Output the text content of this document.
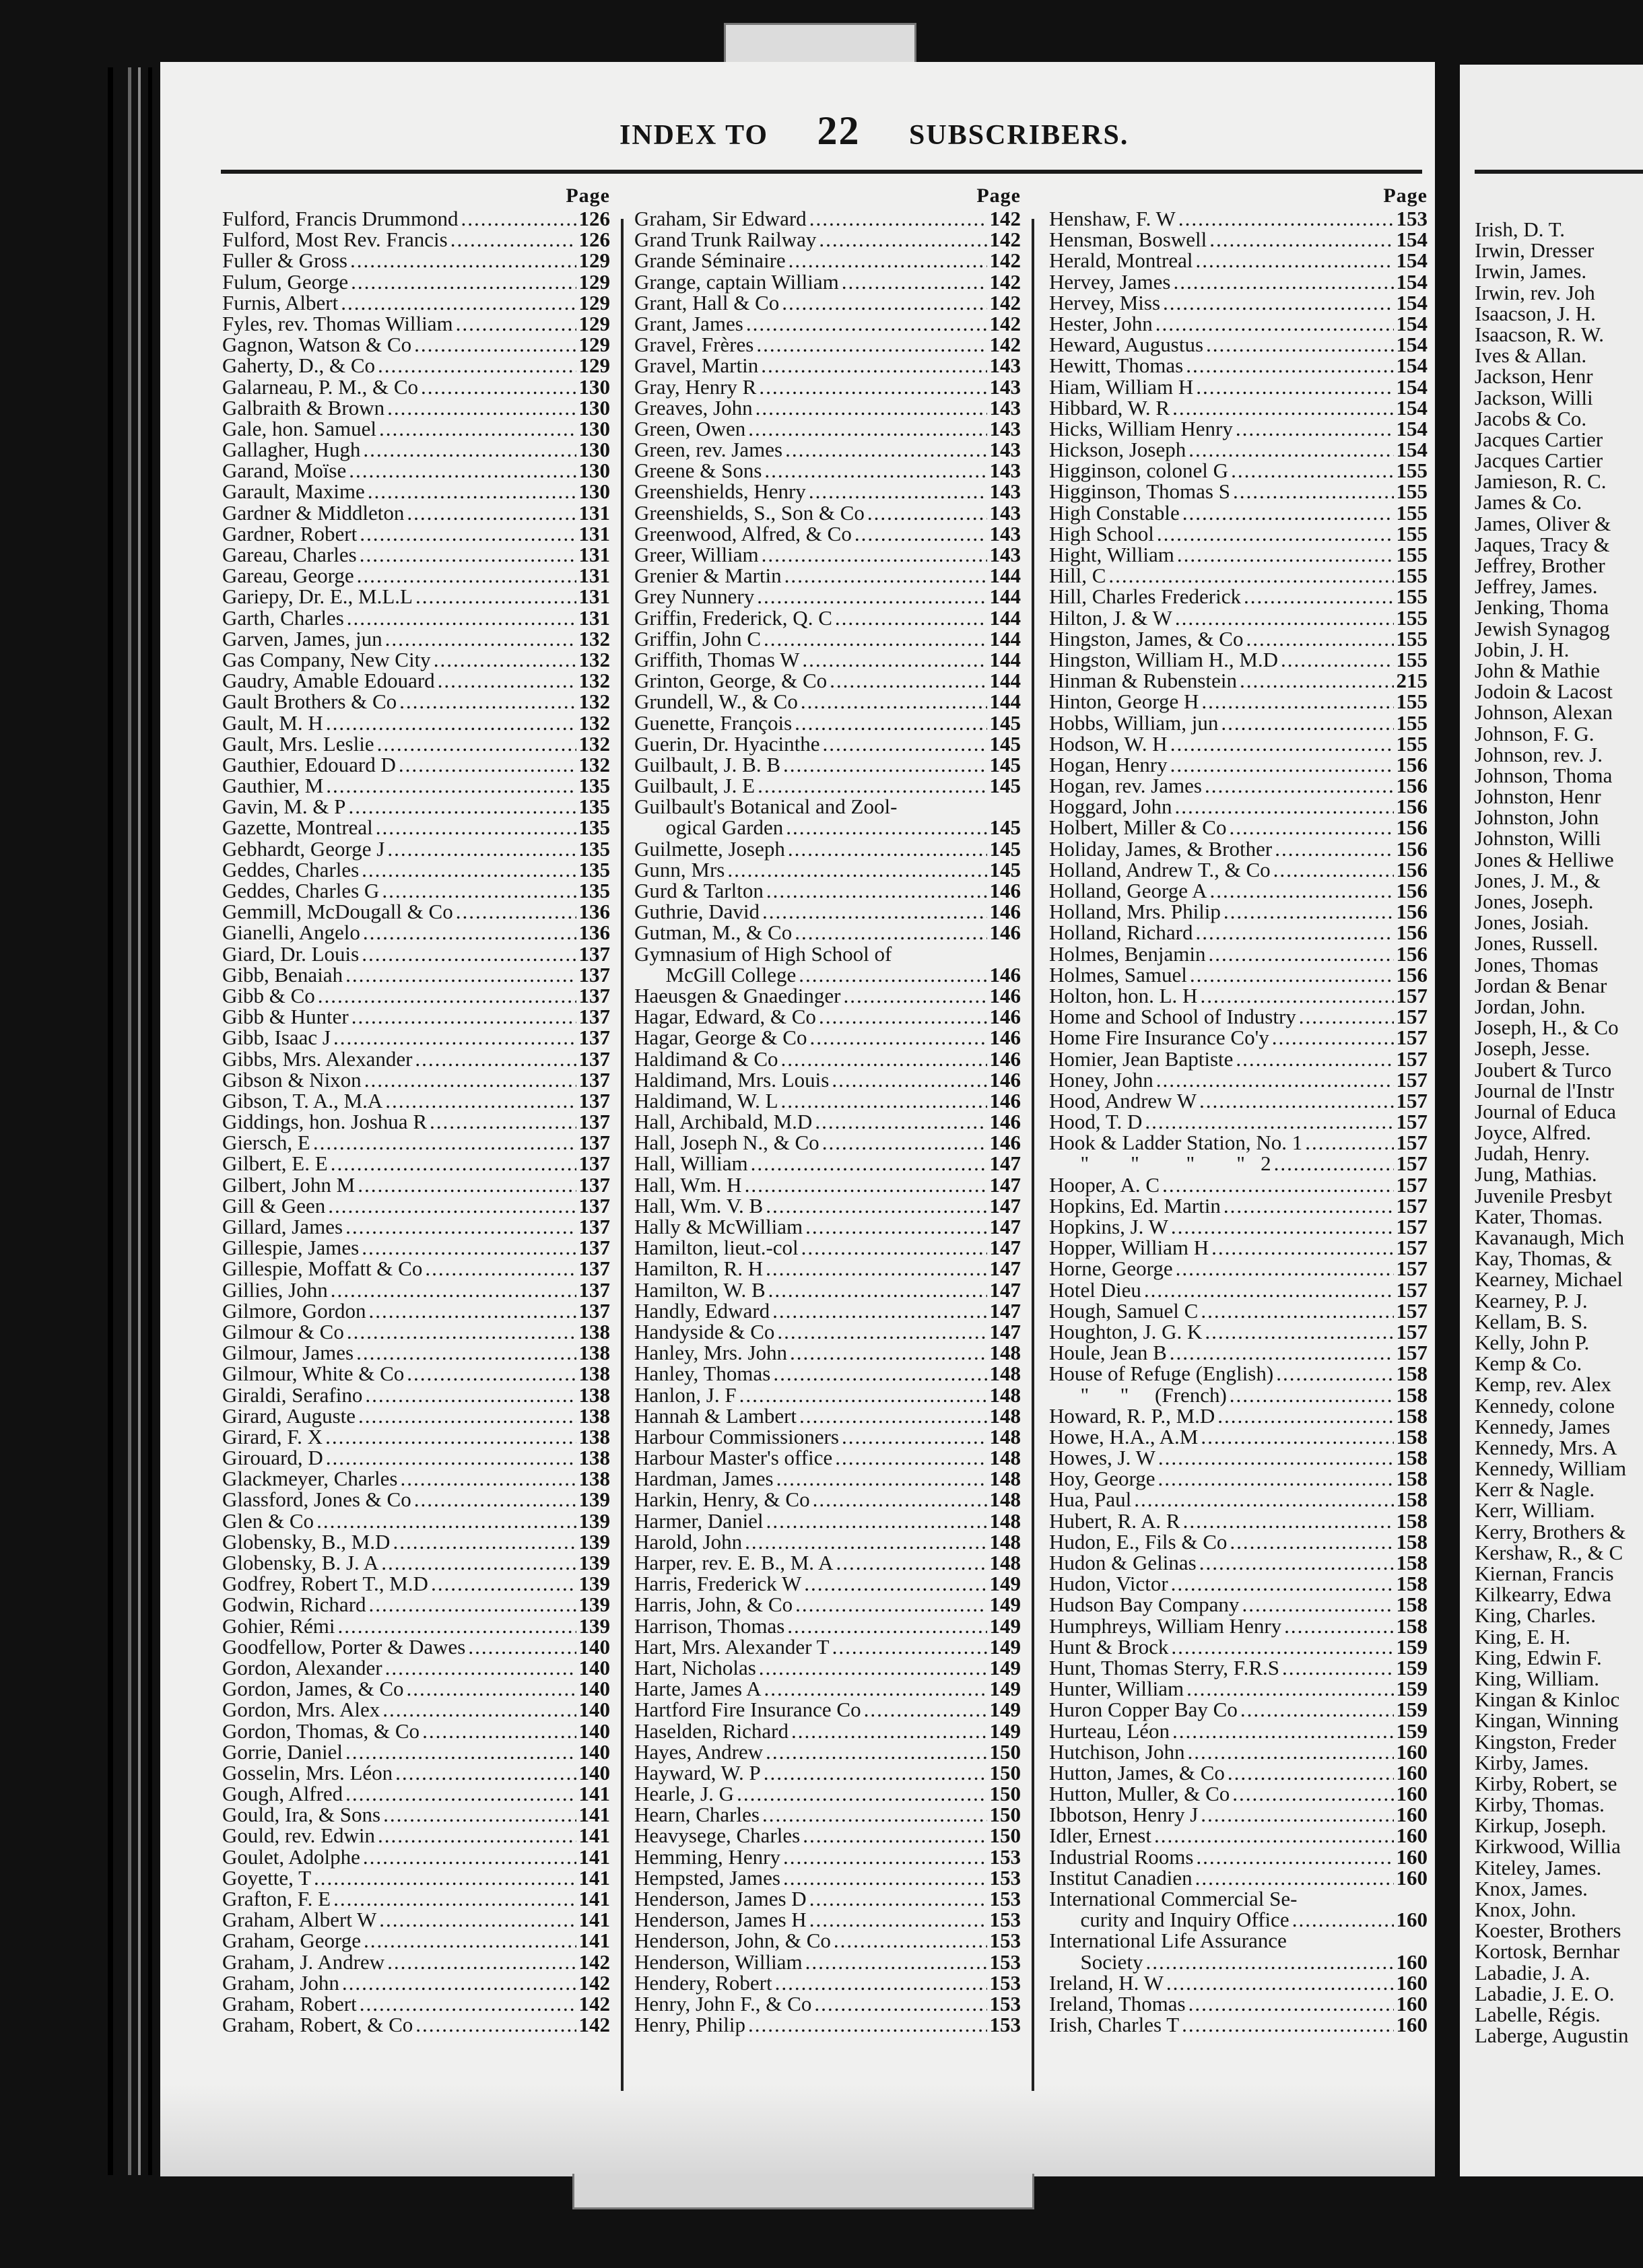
INDEX TO 22 SUBSCRIBERS.
Page
Fulford, Francis Drummond .....	126
Fulford, Most Rev. Francis .....	126
Fuller & Gross .....	129
Fulum, George .....	129
Furnis, Albert .....	129
Fyles, rev. Thomas William .....	129
Gagnon, Watson & Co .....	129
Gaherty, D., & Co .....	129
Galarneau, P. M., & Co .....	130
Galbraith & Brown .....	130
Gale, hon. Samuel .....	130
Gallagher, Hugh .....	130
Garand, Moïse .....	130
Garault, Maxime .....	130
Gardner & Middleton .....	131
Gardner, Robert .....	131
Gareau, Charles .....	131
Gareau, George .....	131
Gariepy, Dr. E., M.L.L .....	131
Garth, Charles .....	131
Garven, James, jun .....	132
Gas Company, New City .....	132
Gaudry, Amable Edouard .....	132
Gault Brothers & Co .....	132
Gault, M. H .....	132
Gault, Mrs. Leslie .....	132
Gauthier, Edouard D .....	132
Gauthier, M .....	135
Gavin, M. & P .....	135
Gazette, Montreal .....	135
Gebhardt, George J .....	135
Geddes, Charles .....	135
Geddes, Charles G .....	135
Gemmill, McDougall & Co .....	136
Gianelli, Angelo .....	136
Giard, Dr. Louis .....	137
Gibb, Benaiah .....	137
Gibb & Co .....	137
Gibb & Hunter .....	137
Gibb, Isaac J .....	137
Gibbs, Mrs. Alexander .....	137
Gibson & Nixon .....	137
Gibson, T. A., M.A .....	137
Giddings, hon. Joshua R .....	137
Giersch, E .....	137
Gilbert, E. E .....	137
Gilbert, John M .....	137
Gill & Geen .....	137
Gillard, James .....	137
Gillespie, James .....	137
Gillespie, Moffatt & Co .....	137
Gillies, John .....	137
Gilmore, Gordon .....	137
Gilmour & Co .....	138
Gilmour, James .....	138
Gilmour, White & Co .....	138
Giraldi, Serafino .....	138
Girard, Auguste .....	138
Girard, F. X .....	138
Girouard, D .....	138
Glackmeyer, Charles .....	138
Glassford, Jones & Co .....	139
Glen & Co .....	139
Globensky, B., M.D .....	139
Globensky, B. J. A .....	139
Godfrey, Robert T., M.D .....	139
Godwin, Richard .....	139
Gohier, Rémi .....	139
Goodfellow, Porter & Dawes .....	140
Gordon, Alexander .....	140
Gordon, James, & Co .....	140
Gordon, Mrs. Alex .....	140
Gordon, Thomas, & Co .....	140
Gorrie, Daniel .....	140
Gosselin, Mrs. Léon .....	140
Gough, Alfred .....	141
Gould, Ira, & Sons .....	141
Gould, rev. Edwin .....	141
Goulet, Adolphe .....	141
Goyette, T .....	141
Grafton, F. E .....	141
Graham, Albert W .....	141
Graham, George .....	141
Graham, J. Andrew .....	142
Graham, John .....	142
Graham, Robert .....	142
Graham, Robert, & Co .....	142
Page
Graham, Sir Edward .....	142
Grand Trunk Railway .....	142
Grande Séminaire .....	142
Grange, captain William .....	142
Grant, Hall & Co .....	142
Grant, James .....	142
Gravel, Frères .....	142
Gravel, Martin .....	143
Gray, Henry R .....	143
Greaves, John .....	143
Green, Owen .....	143
Green, rev. James .....	143
Greene & Sons .....	143
Greenshields, Henry .....	143
Greenshields, S., Son & Co .....	143
Greenwood, Alfred, & Co .....	143
Greer, William .....	143
Grenier & Martin .....	144
Grey Nunnery .....	144
Griffin, Frederick, Q. C .....	144
Griffin, John C .....	144
Griffith, Thomas W .....	144
Grinton, George, & Co .....	144
Grundell, W., & Co .....	144
Guenette, François .....	145
Guerin, Dr. Hyacinthe .....	145
Guilbault, J. B. B .....	145
Guilbault, J. E .....	145
Guilbault's Botanical and Zool-
ogical Garden .....	145
Guilmette, Joseph .....	145
Gunn, Mrs .....	145
Gurd & Tarlton .....	146
Guthrie, David .....	146
Gutman, M., & Co .....	146
Gymnasium of High School of
McGill College .....	146
Haeusgen & Gnaedinger .....	146
Hagar, Edward, & Co .....	146
Hagar, George & Co .....	146
Haldimand & Co .....	146
Haldimand, Mrs. Louis .....	146
Haldimand, W. L .....	146
Hall, Archibald, M.D .....	146
Hall, Joseph N., & Co .....	146
Hall, William .....	147
Hall, Wm. H .....	147
Hall, Wm. V. B .....	147
Hally & McWilliam .....	147
Hamilton, lieut.-col .....	147
Hamilton, R. H .....	147
Hamilton, W. B .....	147
Handly, Edward .....	147
Handyside & Co .....	147
Hanley, Mrs. John .....	148
Hanley, Thomas .....	148
Hanlon, J. F .....	148
Hannah & Lambert .....	148
Harbour Commissioners .....	148
Harbour Master's office .....	148
Hardman, James .....	148
Harkin, Henry, & Co .....	148
Harmer, Daniel .....	148
Harold, John .....	148
Harper, rev. E. B., M. A .....	148
Harris, Frederick W .....	149
Harris, John, & Co .....	149
Harrison, Thomas .....	149
Hart, Mrs. Alexander T .....	149
Hart, Nicholas .....	149
Harte, James A .....	149
Hartford Fire Insurance Co .....	149
Haselden, Richard .....	149
Hayes, Andrew .....	150
Hayward, W. P .....	150
Hearle, J. G .....	150
Hearn, Charles .....	150
Heavysege, Charles .....	150
Hemming, Henry .....	153
Hempsted, James .....	153
Henderson, James D .....	153
Henderson, James H .....	153
Henderson, John, & Co .....	153
Henderson, William .....	153
Hendery, Robert .....	153
Henry, John F., & Co .....	153
Henry, Philip .....	153
Page
Henshaw, F. W .....	153
Hensman, Boswell .....	154
Herald, Montreal .....	154
Hervey, James .....	154
Hervey, Miss .....	154
Hester, John .....	154
Heward, Augustus .....	154
Hewitt, Thomas .....	154
Hiam, William H .....	154
Hibbard, W. R .....	154
Hicks, William Henry .....	154
Hickson, Joseph .....	154
Higginson, colonel G .....	155
Higginson, Thomas S .....	155
High Constable .....	155
High School .....	155
Hight, William .....	155
Hill, C .....	155
Hill, Charles Frederick .....	155
Hilton, J. & W .....	155
Hingston, James, & Co .....	155
Hingston, William H., M.D .....	155
Hinman & Rubenstein .....	215
Hinton, George H .....	155
Hobbs, William, jun .....	155
Hodson, W. H .....	155
Hogan, Henry .....	156
Hogan, rev. James .....	156
Hoggard, John .....	156
Holbert, Miller & Co .....	156
Holiday, James, & Brother .....	156
Holland, Andrew T., & Co .....	156
Holland, George A .....	156
Holland, Mrs. Philip .....	156
Holland, Richard .....	156
Holmes, Benjamin .....	156
Holmes, Samuel .....	156
Holton, hon. L. H .....	157
Home and School of Industry .....	157
Home Fire Insurance Co'y .....	157
Homier, Jean Baptiste .....	157
Honey, John .....	157
Hood, Andrew W .....	157
Hood, T. D .....	157
Hook & Ladder Station, No. 1 .....	157
"        "         "        "   2 .....	157
Hooper, A. C .....	157
Hopkins, Ed. Martin .....	157
Hopkins, J. W .....	157
Hopper, William H .....	157
Horne, George .....	157
Hotel Dieu .....	157
Hough, Samuel C .....	157
Houghton, J. G. K .....	157
Houle, Jean B .....	157
House of Refuge (English) .....	158
"      "     (French) .....	158
Howard, R. P., M.D .....	158
Howe, H.A., A.M .....	158
Howes, J. W .....	158
Hoy, George .....	158
Hua, Paul .....	158
Hubert, R. A. R .....	158
Hudon, E., Fils & Co .....	158
Hudon & Gelinas .....	158
Hudon, Victor .....	158
Hudson Bay Company .....	158
Humphreys, William Henry .....	158
Hunt & Brock .....	159
Hunt, Thomas Sterry, F.R.S .....	159
Hunter, William .....	159
Huron Copper Bay Co .....	159
Hurteau, Léon .....	159
Hutchison, John .....	160
Hutton, James, & Co .....	160
Hutton, Muller, & Co .....	160
Ibbotson, Henry J .....	160
Idler, Ernest .....	160
Industrial Rooms .....	160
Institut Canadien .....	160
International Commercial Se-
curity and Inquiry Office .....	160
International Life Assurance
Society .....	160
Ireland, H. W .....	160
Ireland, Thomas .....	160
Irish, Charles T .....	160
Irish, D. T.
Irwin, Dresser
Irwin, James.
Irwin, rev. Joh
Isaacson, J. H.
Isaacson, R. W.
Ives & Allan.
Jackson, Henr
Jackson, Willi
Jacobs & Co.
Jacques Cartier
Jacques Cartier
Jamieson, R. C.
James & Co.
James, Oliver &
Jaques, Tracy &
Jeffrey, Brother
Jeffrey, James.
Jenking, Thoma
Jewish Synagog
Jobin, J. H.
John & Mathie
Jodoin & Lacost
Johnson, Alexan
Johnson, F. G.
Johnson, rev. J.
Johnson, Thoma
Johnston, Henr
Johnston, John
Johnston, Willi
Jones & Helliwe
Jones, J. M., &
Jones, Joseph.
Jones, Josiah.
Jones, Russell.
Jones, Thomas
Jordan & Benar
Jordan, John.
Joseph, H., & Co
Joseph, Jesse.
Joubert & Turco
Journal de l'Instr
Journal of Educa
Joyce, Alfred.
Judah, Henry.
Jung, Mathias.
Juvenile Presbyt
Kater, Thomas.
Kavanaugh, Mich
Kay, Thomas, &
Kearney, Michael
Kearney, P. J.
Kellam, B. S.
Kelly, John P.
Kemp & Co.
Kemp, rev. Alex
Kennedy, colone
Kennedy, James
Kennedy, Mrs. A
Kennedy, William
Kerr & Nagle.
Kerr, William.
Kerry, Brothers &
Kershaw, R., & C
Kiernan, Francis
Kilkearry, Edwa
King, Charles.
King, E. H.
King, Edwin F.
King, William.
Kingan & Kinloc
Kingan, Winning
Kingston, Freder
Kirby, James.
Kirby, Robert, se
Kirby, Thomas.
Kirkup, Joseph.
Kirkwood, Willia
Kiteley, James.
Knox, James.
Knox, John.
Koester, Brothers
Kortosk, Bernhar
Labadie, J. A.
Labadie, J. E. O.
Labelle, Régis.
Laberge, Augustin
